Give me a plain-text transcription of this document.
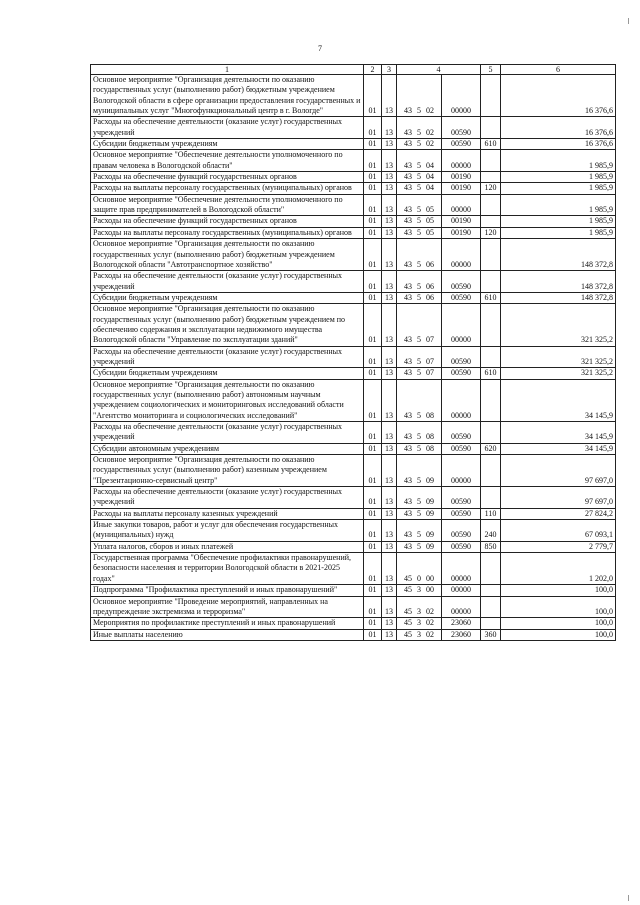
7
1	2	3	4		5	6
Основное мероприятие "Организация деятельности по оказанию государственных услуг (выполнению работ) бюджетным учреждением Вологодской области в сфере организации предоставления государственных и муниципальных услуг "Многофункциональный центр в г. Вологде"	01	13	43 5 02	00000		16 376,6
Расходы на обеспечение деятельности (оказание услуг) государственных учреждений	01	13	43 5 02	00590		16 376,6
Субсидии бюджетным учреждениям	01	13	43 5 02	00590	610	16 376,6
Основное мероприятие "Обеспечение деятельности уполномоченного по правам человека в Вологодской области"	01	13	43 5 04	00000		1 985,9
Расходы на обеспечение функций государственных органов	01	13	43 5 04	00190		1 985,9
Расходы на выплаты персоналу государственных (муниципальных) органов	01	13	43 5 04	00190	120	1 985,9
Основное мероприятие "Обеспечение деятельности уполномоченного по защите прав предпринимателей в Вологодской области"	01	13	43 5 05	00000		1 985,9
Расходы на обеспечение функций государственных органов	01	13	43 5 05	00190		1 985,9
Расходы на выплаты персоналу государственных (муниципальных) органов	01	13	43 5 05	00190	120	1 985,9
Основное мероприятие "Организация деятельности по оказанию государственных услуг (выполнению работ) бюджетным учреждением Вологодской области "Автотранспортное хозяйство"	01	13	43 5 06	00000		148 372,8
Расходы на обеспечение деятельности (оказание услуг) государственных учреждений	01	13	43 5 06	00590		148 372,8
Субсидии бюджетным учреждениям	01	13	43 5 06	00590	610	148 372,8
Основное мероприятие "Организация деятельности по оказанию государственных услуг (выполнению работ) бюджетным учреждением по обеспечению содержания и эксплуатации недвижимого имущества Вологодской области "Управление по эксплуатации зданий"	01	13	43 5 07	00000		321 325,2
Расходы на обеспечение деятельности (оказание услуг) государственных учреждений	01	13	43 5 07	00590		321 325,2
Субсидии бюджетным учреждениям	01	13	43 5 07	00590	610	321 325,2
Основное мероприятие "Организация деятельности по оказанию государственных услуг (выполнению работ) автономным научным учреждением социологических и мониторинговых исследований области "Агентство мониторинга и социологических исследований"	01	13	43 5 08	00000		34 145,9
Расходы на обеспечение деятельности (оказание услуг) государственных учреждений	01	13	43 5 08	00590		34 145,9
Субсидии автономным учреждениям	01	13	43 5 08	00590	620	34 145,9
Основное мероприятие "Организация деятельности по оказанию государственных услуг (выполнению работ) казенным учреждением "Презентационно-сервисный центр"	01	13	43 5 09	00000		97 697,0
Расходы на обеспечение деятельности (оказание услуг) государственных учреждений	01	13	43 5 09	00590		97 697,0
Расходы на выплаты персоналу казенных учреждений	01	13	43 5 09	00590	110	27 824,2
Иные закупки товаров, работ и услуг для обеспечения государственных (муниципальных) нужд	01	13	43 5 09	00590	240	67 093,1
Уплата налогов, сборов и иных платежей	01	13	43 5 09	00590	850	2 779,7
Государственная программа "Обеспечение профилактики правонарушений, безопасности населения и территории Вологодской области в 2021-2025 годах"	01	13	45 0 00	00000		1 202,0
Подпрограмма "Профилактика преступлений и иных правонарушений"	01	13	45 3 00	00000		100,0
Основное мероприятие "Проведение мероприятий, направленных на предупреждение экстремизма и терроризма"	01	13	45 3 02	00000		100,0
Мероприятия по профилактике преступлений и иных правонарушений	01	13	45 3 02	23060		100,0
Иные выплаты населению	01	13	45 3 02	23060	360	100,0
